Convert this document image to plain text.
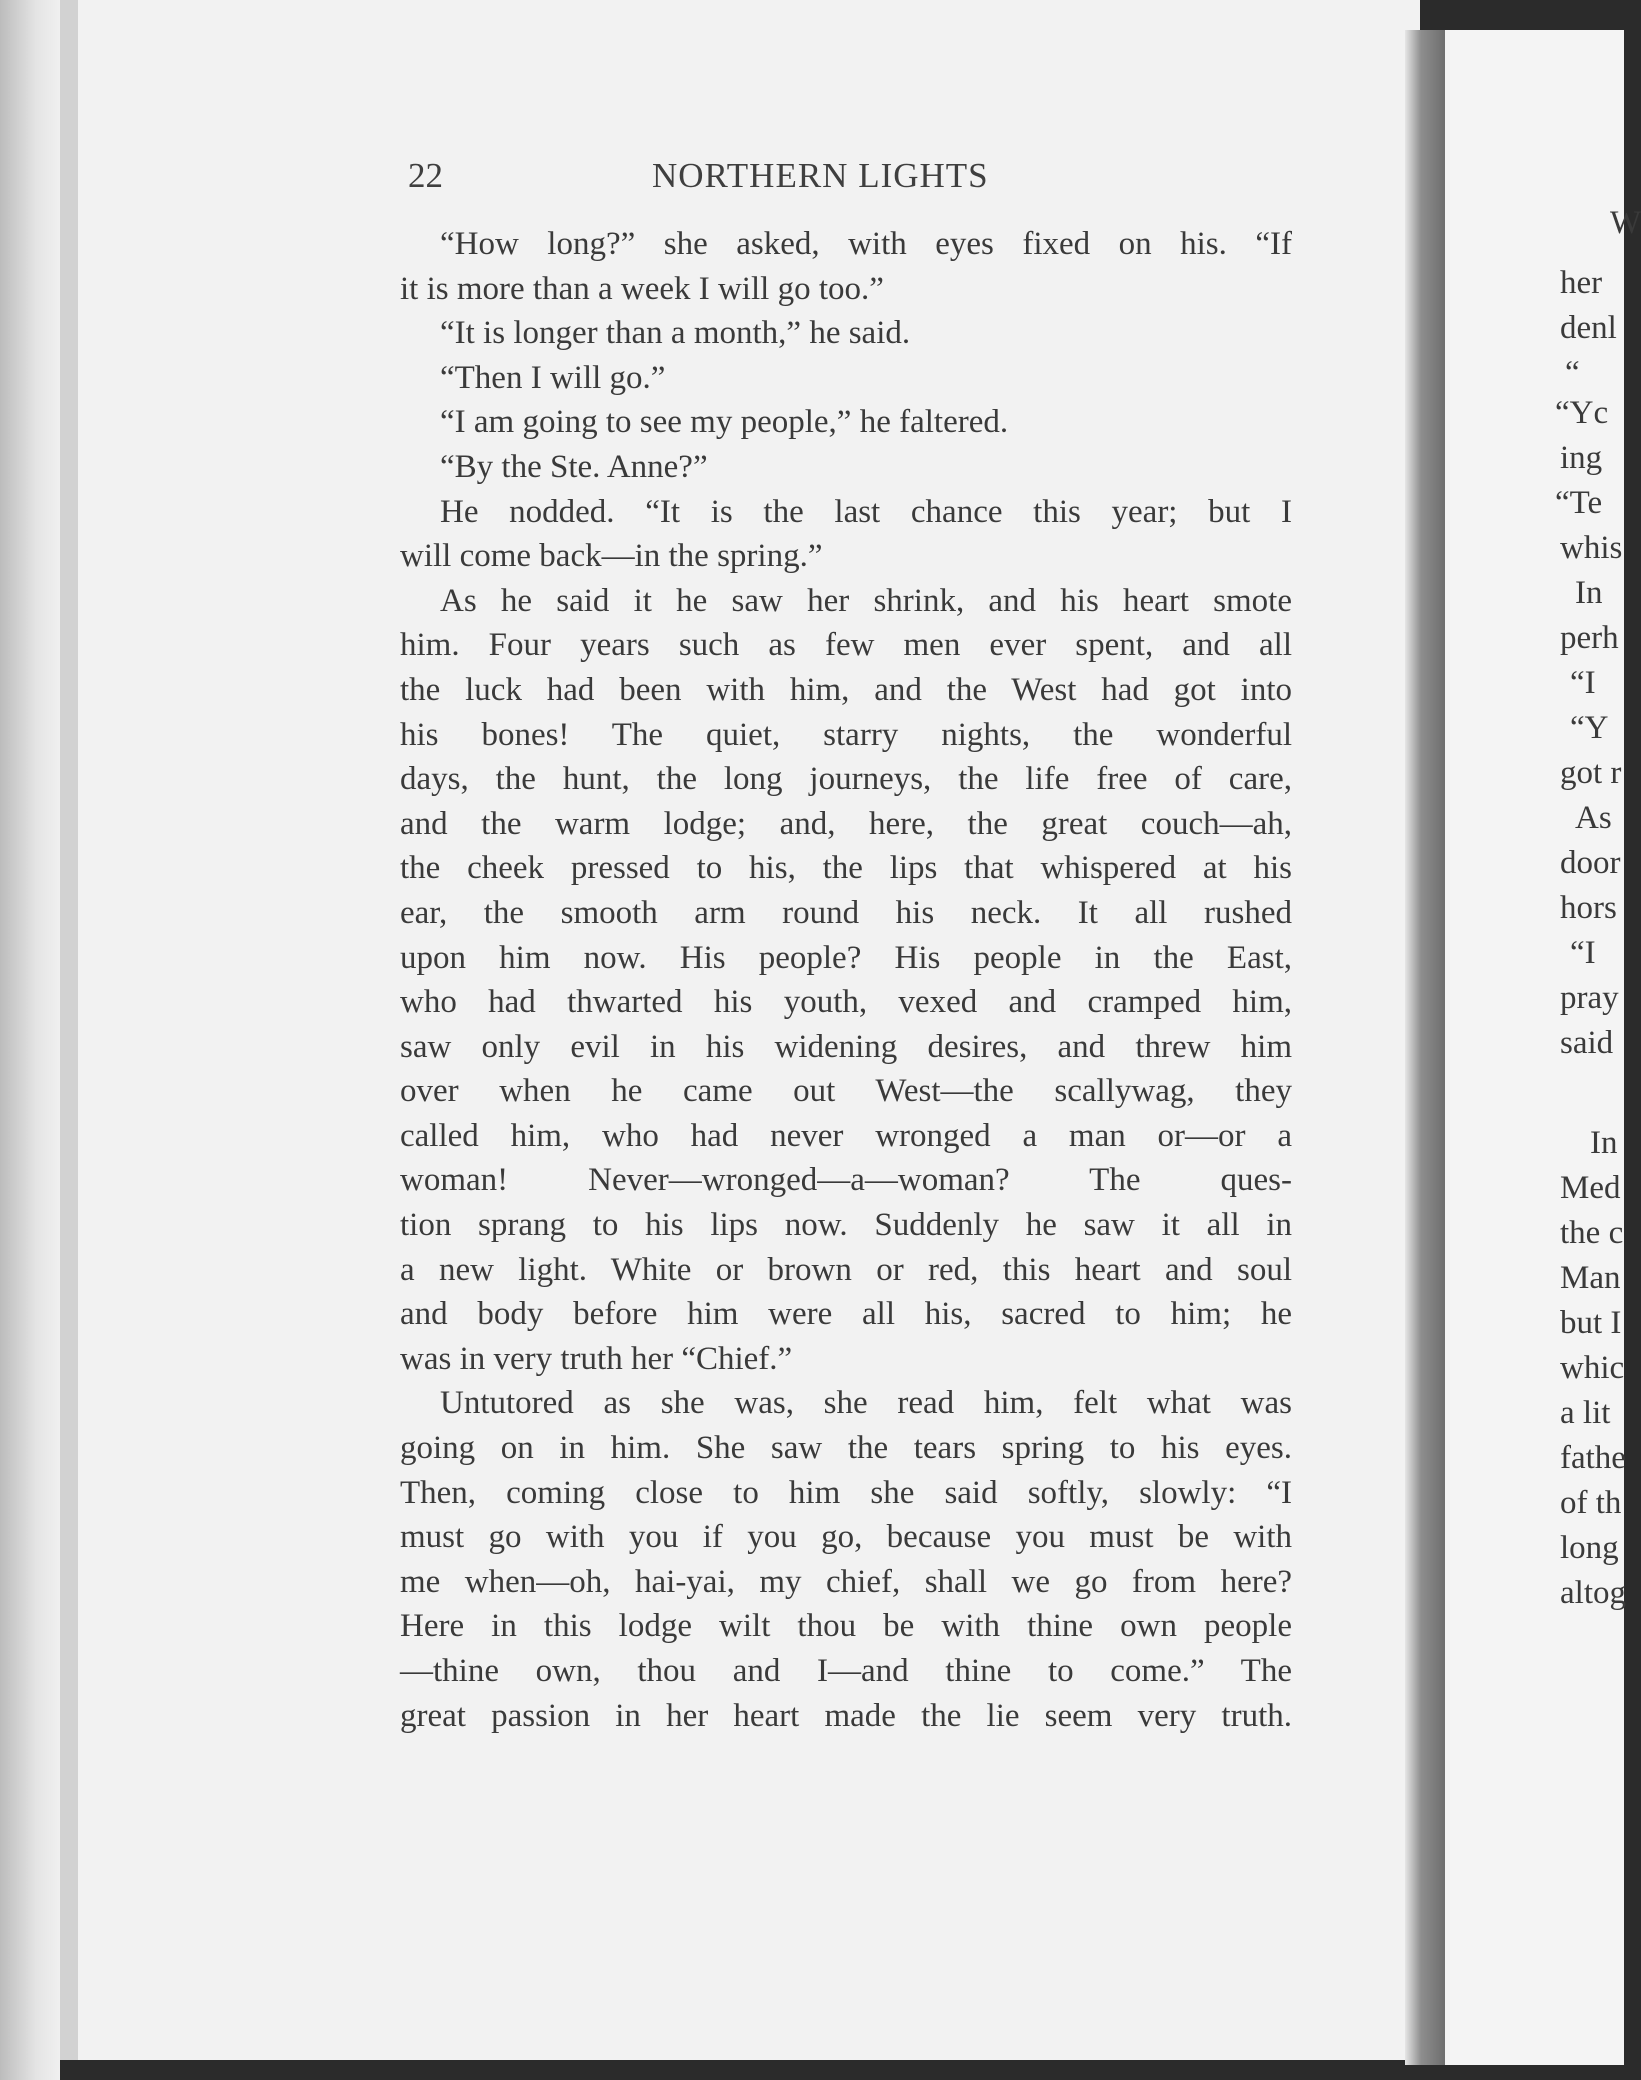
22	NORTHERN LIGHTS
“How long?” she asked, with eyes fixed on his. “If
it is more than a week I will go too.”
“It is longer than a month,” he said.
“Then I will go.”
“I am going to see my people,” he faltered.
“By the Ste. Anne?”
He nodded. “It is the last chance this year; but I
will come back—in the spring.”
As he said it he saw her shrink, and his heart smote
him. Four years such as few men ever spent, and all
the luck had been with him, and the West had got into
his bones! The quiet, starry nights, the wonderful
days, the hunt, the long journeys, the life free of care,
and the warm lodge; and, here, the great couch—ah,
the cheek pressed to his, the lips that whispered at his
ear, the smooth arm round his neck. It all rushed
upon him now. His people? His people in the East,
who had thwarted his youth, vexed and cramped him,
saw only evil in his widening desires, and threw him
over when he came out West—the scallywag, they
called him, who had never wronged a man or—or a
woman! Never—wronged—a—woman? The ques-
tion sprang to his lips now. Suddenly he saw it all in
a new light. White or brown or red, this heart and soul
and body before him were all his, sacred to him; he
was in very truth her “Chief.”
Untutored as she was, she read him, felt what was
going on in him. She saw the tears spring to his eyes.
Then, coming close to him she said softly, slowly: “I
must go with you if you go, because you must be with
me when—oh, hai-yai, my chief, shall we go from here?
Here in this lodge wilt thou be with thine own people
—thine own, thou and I—and thine to come.” The
great passion in her heart made the lie seem very truth.
W
her
denl
“
“Yc
ing
“Te
whis
In
perh
“I
“Y
got r
As
door
hors
“I
pray
said
In
Med
the c
Man
but I
whic
a lit
fathe
of th
long
altog
